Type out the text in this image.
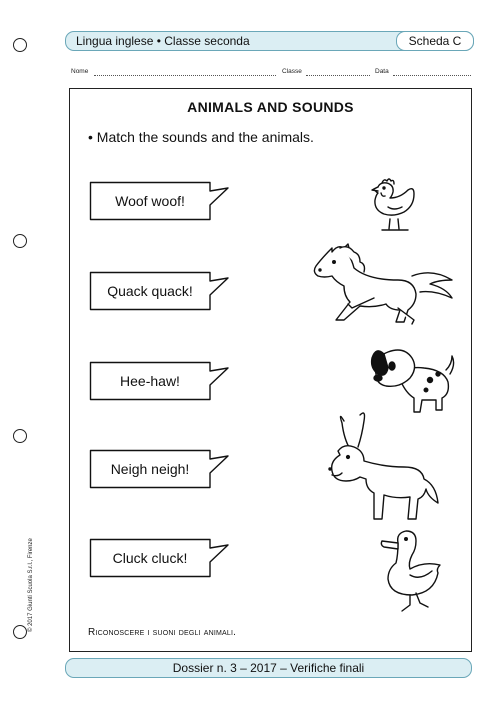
Lingua inglese • Classe seconda	Scheda C
Nome	Classe	Data
ANIMALS AND SOUNDS
• Match the sounds and the animals.
Woof woof!
Quack quack!
Hee-haw!
Neigh neigh!
Cluck cluck!
Riconoscere i suoni degli animali.
© 2017 Giunti Scuola S.r.l., Firenze
Dossier n. 3 – 2017 – Verifiche finali
